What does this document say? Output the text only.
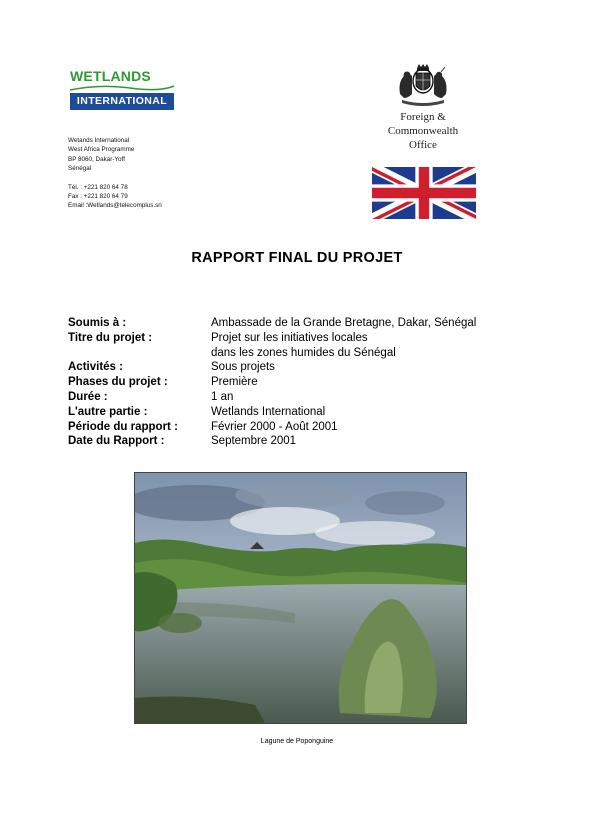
WETLANDS
INTERNATIONAL
Wetands International
West Africa Programme
BP 8060, Dakar-Yoff
Sénégal
Tél. : +221 820 64 78
Fax : +221 820 64 79
Email :Wetlands@telecomplus.sn
Foreign &
Commonwealth
Office
RAPPORT FINAL DU PROJET
Soumis à :	Ambassade de la Grande Bretagne, Dakar, Sénégal
Titre du projet :	Projet sur les initiatives locales
dans les zones humides du Sénégal
Activités :	Sous projets
Phases du projet :	Première
Durée :	1 an
L'autre partie :	Wetlands International
Période du rapport :	Février 2000 - Août 2001
Date du Rapport :	Septembre 2001
Lagune de Poponguine
